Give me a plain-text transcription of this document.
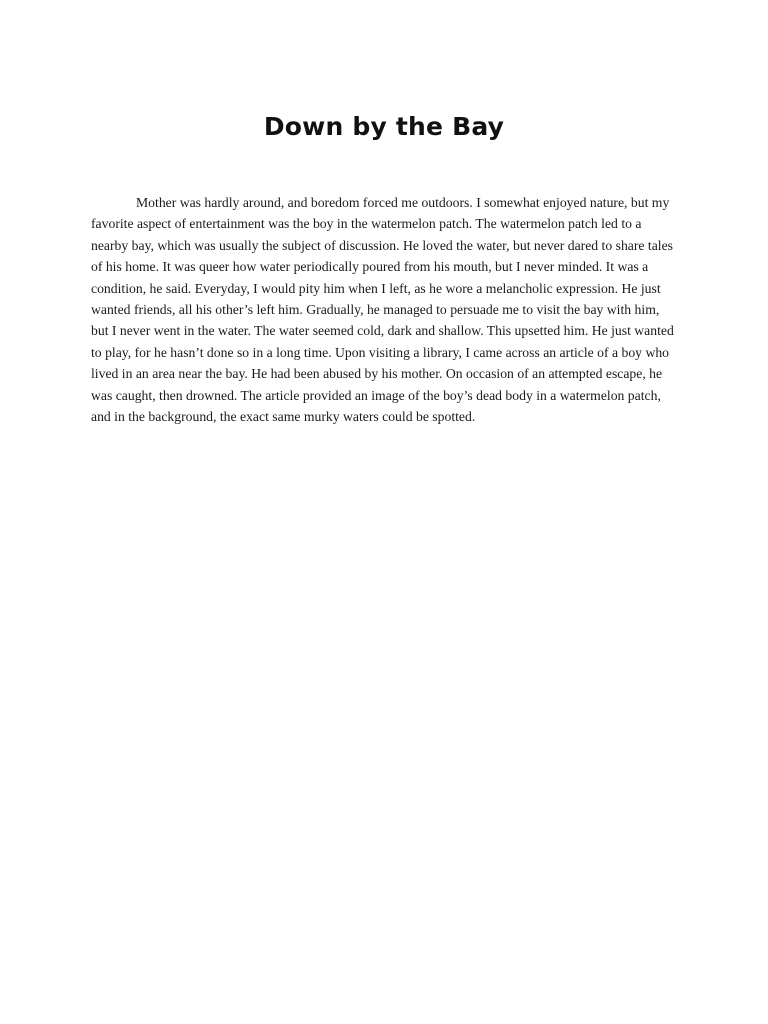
Down by the Bay

Mother was hardly around, and boredom forced me outdoors. I somewhat enjoyed nature, but my favorite aspect of entertainment was the boy in the watermelon patch. The watermelon patch led to a nearby bay, which was usually the subject of discussion. He loved the water, but never dared to share tales of his home. It was queer how water periodically poured from his mouth, but I never minded. It was a condition, he said. Everyday, I would pity him when I left, as he wore a melancholic expression. He just wanted friends, all his other’s left him. Gradually, he managed to persuade me to visit the bay with him, but I never went in the water. The water seemed cold, dark and shallow. This upsetted him. He just wanted to play, for he hasn’t done so in a long time. Upon visiting a library, I came across an article of a boy who lived in an area near the bay. He had been abused by his mother. On occasion of an attempted escape, he was caught, then drowned. The article provided an image of the boy’s dead body in a watermelon patch, and in the background, the exact same murky waters could be spotted.
